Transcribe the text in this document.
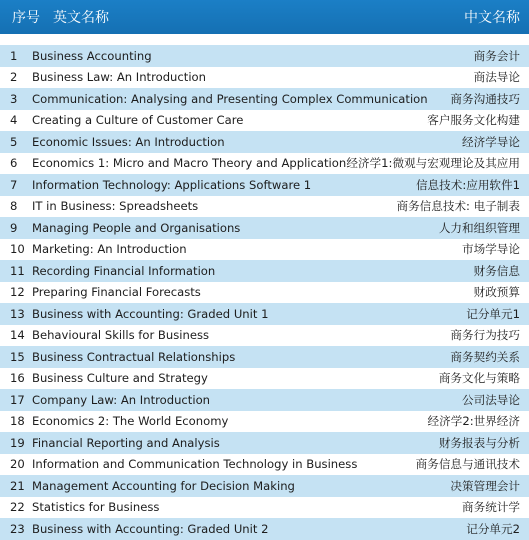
序号 英文名称	中文名称
1	Business Accounting	商务会计
2	Business Law: An Introduction	商法导论
3	Communication: Analysing and Presenting Complex Communication	商务沟通技巧
4	Creating a Culture of Customer Care	客户服务文化构建
5	Economic Issues: An Introduction	经济学导论
6	Economics 1: Micro and Macro Theory and Application 经济学1:微观与宏观理论及其应用
7	Information Technology: Applications Software 1	信息技术:应用软件1
8	IT in Business: Spreadsheets	商务信息技术: 电子制表
9	Managing People and Organisations	人力和组织管理
10 Marketing: An Introduction	市场学导论
11 Recording Financial Information	财务信息
12 Preparing Financial Forecasts	财政预算
13 Business with Accounting: Graded Unit 1	记分单元1
14 Behavioural Skills for Business	商务行为技巧
15 Business Contractual Relationships	商务契约关系
16 Business Culture and Strategy	商务文化与策略
17 Company Law: An Introduction	公司法导论
18 Economics 2: The World Economy	经济学2:世界经济
19 Financial Reporting and Analysis	财务报表与分析
20 Information and Communication Technology in Business	商务信息与通讯技术
21 Management Accounting for Decision Making	决策管理会计
22 Statistics for Business	商务统计学
23 Business with Accounting: Graded Unit 2	记分单元2
